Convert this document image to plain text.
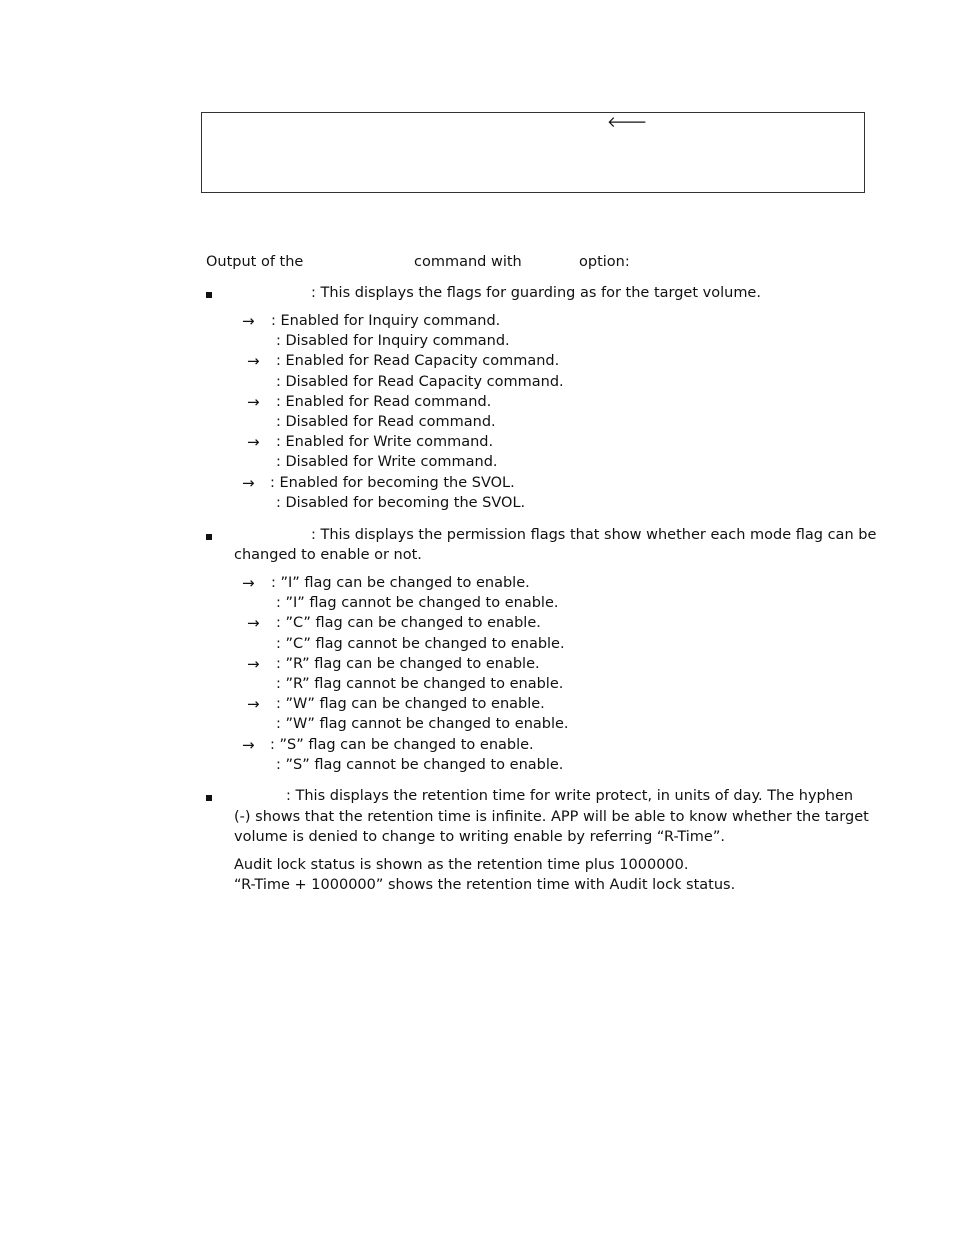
🡐
Output of the	command with	option:
: This displays the flags for guarding as for the target volume.
→ : Enabled for Inquiry command.
: Disabled for Inquiry command.
→ : Enabled for Read Capacity command.
: Disabled for Read Capacity command.
→ : Enabled for Read command.
: Disabled for Read command.
→ : Enabled for Write command.
: Disabled for Write command.
→ : Enabled for becoming the SVOL.
: Disabled for becoming the SVOL.
: This displays the permission flags that show whether each mode flag can be
changed to enable or not.
→ : ”I” flag can be changed to enable.
: ”I” flag cannot be changed to enable.
→ : ”C” flag can be changed to enable.
: ”C” flag cannot be changed to enable.
→ : ”R” flag can be changed to enable.
: ”R” flag cannot be changed to enable.
→ : ”W” flag can be changed to enable.
: ”W” flag cannot be changed to enable.
→ : ”S” flag can be changed to enable.
: ”S” flag cannot be changed to enable.
: This displays the retention time for write protect, in units of day. The hyphen
(-) shows that the retention time is infinite. APP will be able to know whether the target
volume is denied to change to writing enable by referring “R-Time”.
Audit lock status is shown as the retention time plus 1000000.
“R-Time + 1000000” shows the retention time with Audit lock status.
